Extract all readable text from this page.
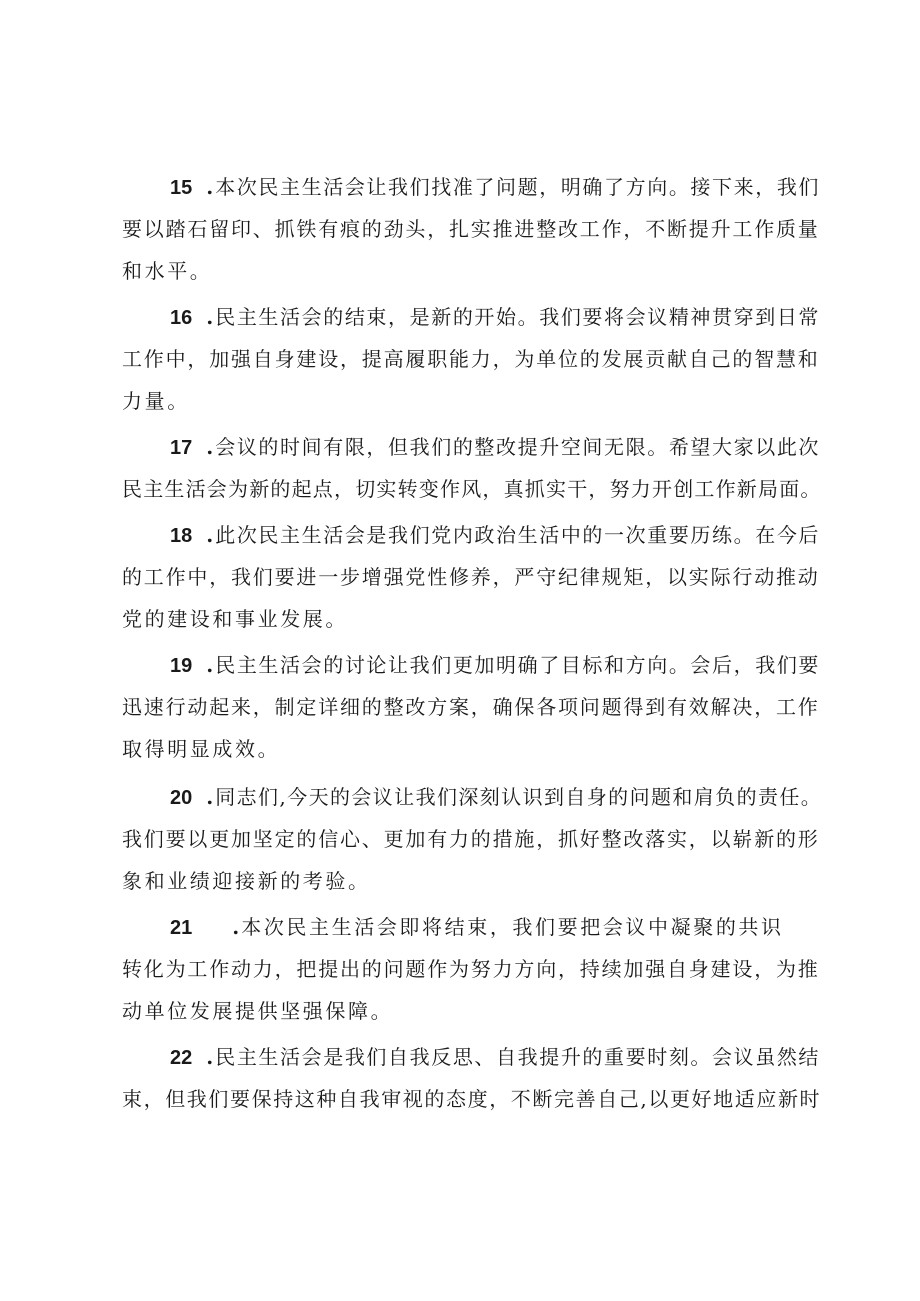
15 . 本次民主生活会让我们找准了问题，明确了方向。接下来，我们
要以踏石留印、抓铁有痕的劲头，扎实推进整改工作，不断提升工作质量
和水平。
16 . 民主生活会的结束，是新的开始。我们要将会议精神贯穿到日常
工作中，加强自身建设，提高履职能力，为单位的发展贡献自己的智慧和
力量。
17 . 会议的时间有限，但我们的整改提升空间无限。希望大家以此次
民主生活会为新的起点，切实转变作风，真抓实干，努力开创工作新局面。
18 . 此次民主生活会是我们党内政治生活中的一次重要历练。在今后
的工作中，我们要进一步增强党性修养，严守纪律规矩，以实际行动推动
党的建设和事业发展。
19 . 民主生活会的讨论让我们更加明确了目标和方向。会后，我们要
迅速行动起来，制定详细的整改方案，确保各项问题得到有效解决，工作
取得明显成效。
20 . 同志们,今天的会议让我们深刻认识到自身的问题和肩负的责任。
我们要以更加坚定的信心、更加有力的措施，抓好整改落实，以崭新的形
象和业绩迎接新的考验。
21 . 本次民主生活会即将结束，我们要把会议中凝聚的共识
转化为工作动力，把提出的问题作为努力方向，持续加强自身建设，为推
动单位发展提供坚强保障。
22 . 民主生活会是我们自我反思、自我提升的重要时刻。会议虽然结
束，但我们要保持这种自我审视的态度，不断完善自己,以更好地适应新时
